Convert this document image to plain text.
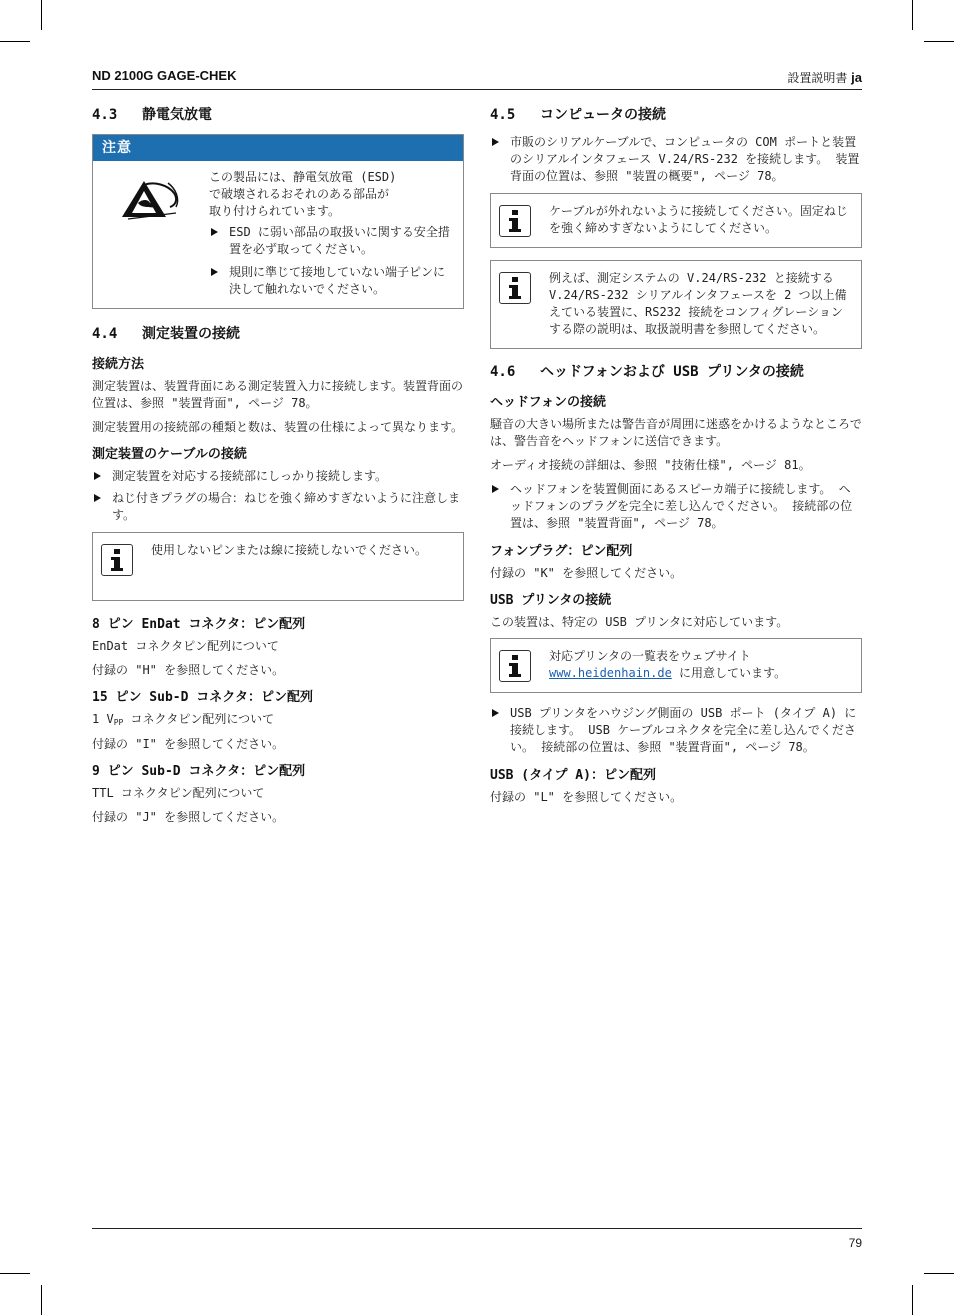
ND 2100G GAGE-CHEK	設置説明書 ja
4.3 静電気放電
注意
この製品には、静電気放電 (ESD)
で破壊されるおそれのある部品が
取り付けられています。
ESD に弱い部品の取扱いに関する安全措置を必ず取ってください。
規則に準じて接地していない端子ピンに決して触れないでください。
4.4 測定装置の接続
接続方法
測定装置は、装置背面にある測定装置入力に接続します。装置背面の位置は、参照 "装置背面", ページ 78。
測定装置用の接続部の種類と数は、装置の仕様によって異なります。
測定装置のケーブルの接続
測定装置を対応する接続部にしっかり接続します。
ねじ付きプラグの場合：ねじを強く締めすぎないように注意します。
使用しないピンまたは線に接続しないでください。
8 ピン EnDat コネクタ：ピン配列
EnDat コネクタピン配列について
付録の "H" を参照してください。
15 ピン Sub-D コネクタ：ピン配列
1 $V_{PP}$ コネクタピン配列について
付録の "I" を参照してください。
9 ピン Sub-D コネクタ：ピン配列
TTL コネクタピン配列について
付録の "J" を参照してください。
4.5 コンピュータの接続
市販のシリアルケーブルで、コンピュータの COM ポートと装置のシリアルインタフェース V.24/RS-232 を接続します。 装置背面の位置は、参照 "装置の概要", ページ 78。
ケーブルが外れないように接続してください。固定ねじを強く締めすぎないようにしてください。
例えば、測定システムの V.24/RS-232 と接続する V.24/RS-232 シリアルインタフェースを 2 つ以上備えている装置に、RS232 接続をコンフィグレーションする際の説明は、取扱説明書を参照してください。
4.6 ヘッドフォンおよび USB プリンタの接続
ヘッドフォンの接続
騒音の大きい場所または警告音が周囲に迷惑をかけるようなところでは、警告音をヘッドフォンに送信できます。
オーディオ接続の詳細は、参照 "技術仕様", ページ 81。
ヘッドフォンを装置側面にあるスピーカ端子に接続します。 ヘッドフォンのプラグを完全に差し込んでください。 接続部の位置は、参照 "装置背面", ページ 78。
フォンプラグ：ピン配列
付録の "K" を参照してください。
USB プリンタの接続
この装置は、特定の USB プリンタに対応しています。
対応プリンタの一覧表をウェブサイト
www.heidenhain.de に用意しています。
USB プリンタをハウジング側面の USB ポート (タイプ A) に接続します。 USB ケーブルコネクタを完全に差し込んでください。 接続部の位置は、参照 "装置背面", ページ 78。
USB (タイプ A)：ピン配列
付録の "L" を参照してください。
79
